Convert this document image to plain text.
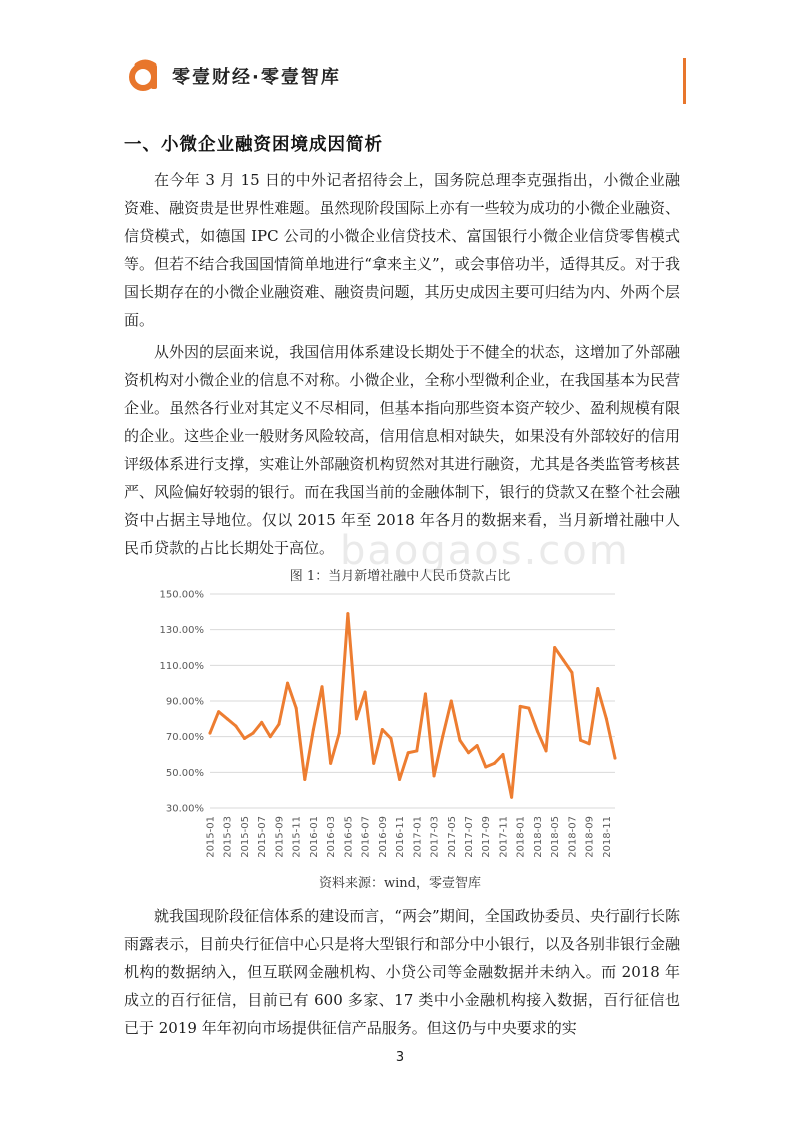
零壹财经·零壹智库
一、小微企业融资困境成因简析

在今年 3 月 15 日的中外记者招待会上，国务院总理李克强指出，小微企业融资难、融资贵是世界性难题。虽然现阶段国际上亦有一些较为成功的小微企业融资、信贷模式，如德国 IPC 公司的小微企业信贷技术、富国银行小微企业信贷零售模式等。但若不结合我国国情简单地进行“拿来主义”，或会事倍功半，适得其反。对于我国长期存在的小微企业融资难、融资贵问题，其历史成因主要可归结为内、外两个层面。

从外因的层面来说，我国信用体系建设长期处于不健全的状态，这增加了外部融资机构对小微企业的信息不对称。小微企业，全称小型微利企业，在我国基本为民营企业。虽然各行业对其定义不尽相同，但基本指向那些资本资产较少、盈利规模有限的企业。这些企业一般财务风险较高，信用信息相对缺失，如果没有外部较好的信用评级体系进行支撑，实难让外部融资机构贸然对其进行融资，尤其是各类监管考核甚严、风险偏好较弱的银行。而在我国当前的金融体制下，银行的贷款又在整个社会融资中占据主导地位。仅以 2015 年至 2018 年各月的数据来看，当月新增社融中人民币贷款的占比长期处于高位。 baogaos.com

图 1：当月新增社融中人民币贷款占比

30.00%
50.00%
70.00%
90.00%
110.00%
130.00%
150.00%
2015-01 2015-03 2015-05 2015-07 2015-09 2015-11 2016-01 2016-03 2016-05 2016-07 2016-09 2016-11 2017-01 2017-03 2017-05 2017-07 2017-09 2017-11 2018-01 2018-03 2018-05 2018-07 2018-09 2018-11

资料来源：wind，零壹智库

就我国现阶段征信体系的建设而言，“两会”期间，全国政协委员、央行副行长陈雨露表示，目前央行征信中心只是将大型银行和部分中小银行，以及各别非银行金融机构的数据纳入，但互联网金融机构、小贷公司等金融数据并未纳入。而 2018 年成立的百行征信，目前已有 600 多家、17 类中小金融机构接入数据，百行征信也已于 2019 年年初向市场提供征信产品服务。但这仍与中央要求的实

3
